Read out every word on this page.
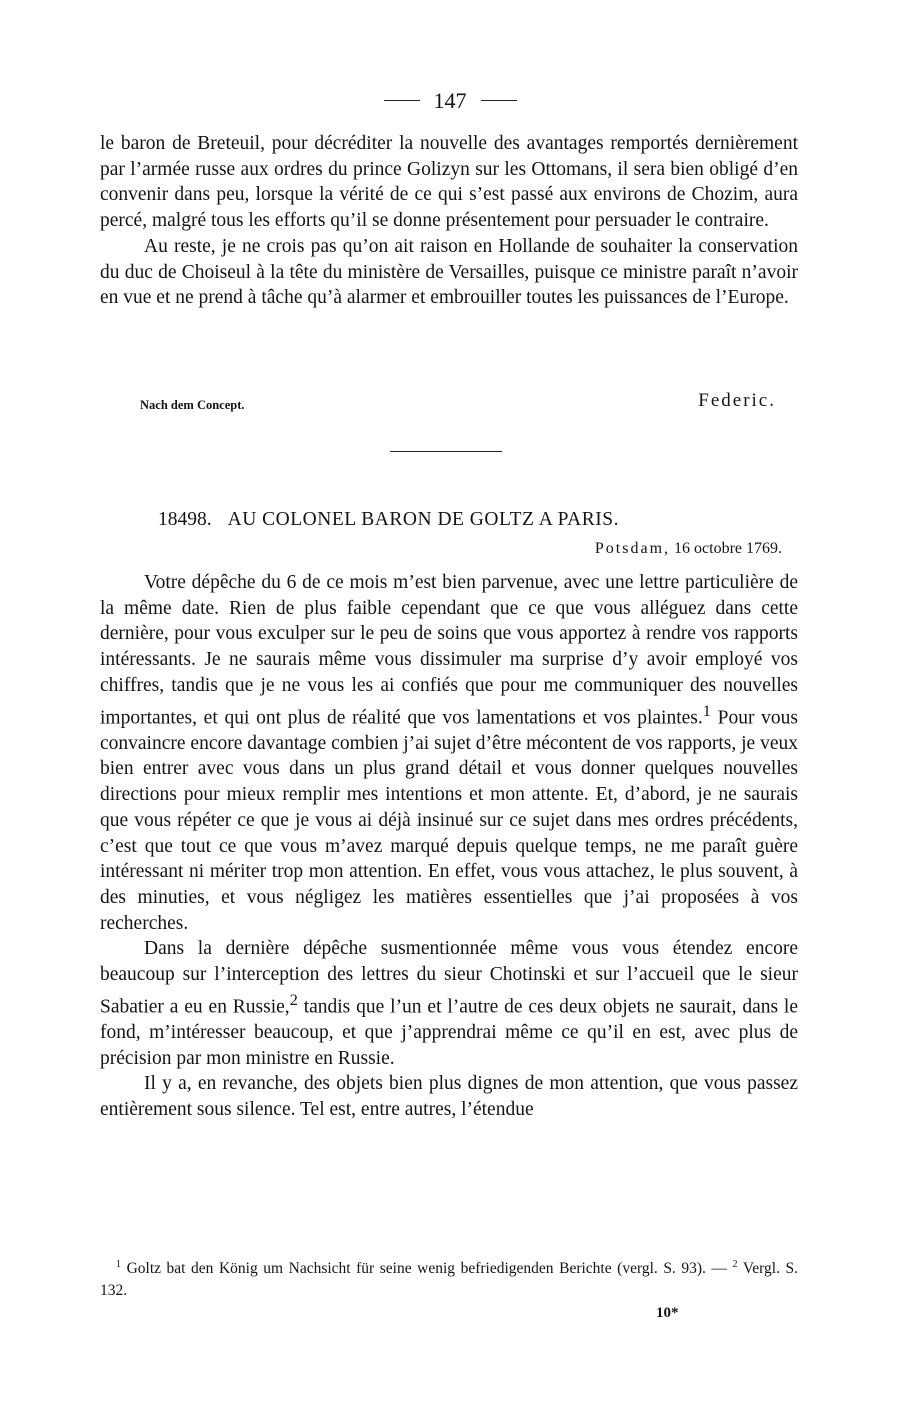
147

le baron de Breteuil, pour décréditer la nouvelle des avantages remportés dernièrement par l’armée russe aux ordres du prince Golizyn sur les Ottomans, il sera bien obligé d’en convenir dans peu, lorsque la vérité de ce qui s’est passé aux environs de Chozim, aura percé, malgré tous les efforts qu’il se donne présentement pour persuader le contraire.

Au reste, je ne crois pas qu’on ait raison en Hollande de souhaiter la conservation du duc de Choiseul à la tête du ministère de Versailles, puisque ce ministre paraît n’avoir en vue et ne prend à tâche qu’à alarmer et embrouiller toutes les puissances de l’Europe.

Nach dem Concept.	Federic.
18498. AU COLONEL BARON DE GOLTZ A PARIS.
Potsdam, 16 octobre 1769.

Votre dépêche du 6 de ce mois m’est bien parvenue, avec une lettre particulière de la même date. Rien de plus faible cependant que ce que vous alléguez dans cette dernière, pour vous exculper sur le peu de soins que vous apportez à rendre vos rapports intéressants. Je ne saurais même vous dissimuler ma surprise d’y avoir employé vos chiffres, tandis que je ne vous les ai confiés que pour me communiquer des nouvelles importantes, et qui ont plus de réalité que vos lamentations et vos plaintes.$^1$ Pour vous convaincre encore davantage combien j’ai sujet d’être mécontent de vos rapports, je veux bien entrer avec vous dans un plus grand détail et vous donner quelques nouvelles directions pour mieux remplir mes intentions et mon attente. Et, d’abord, je ne saurais que vous répéter ce que je vous ai déjà insinué sur ce sujet dans mes ordres précédents, c’est que tout ce que vous m’avez marqué depuis quelque temps, ne me paraît guère intéressant ni mériter trop mon attention. En effet, vous vous attachez, le plus souvent, à des minuties, et vous négligez les matières essentielles que j’ai proposées à vos recherches.

Dans la dernière dépêche susmentionnée même vous vous étendez encore beaucoup sur l’interception des lettres du sieur Chotinski et sur l’accueil que le sieur Sabatier a eu en Russie,$^2$ tandis que l’un et l’autre de ces deux objets ne saurait, dans le fond, m’intéresser beaucoup, et que j’apprendrai même ce qu’il en est, avec plus de précision par mon ministre en Russie.

Il y a, en revanche, des objets bien plus dignes de mon attention, que vous passez entièrement sous silence. Tel est, entre autres, l’étendue

$^1$ Goltz bat den König um Nachsicht für seine wenig befriedigenden Berichte (vergl. S. 93). — $^2$ Vergl. S. 132.
10*
